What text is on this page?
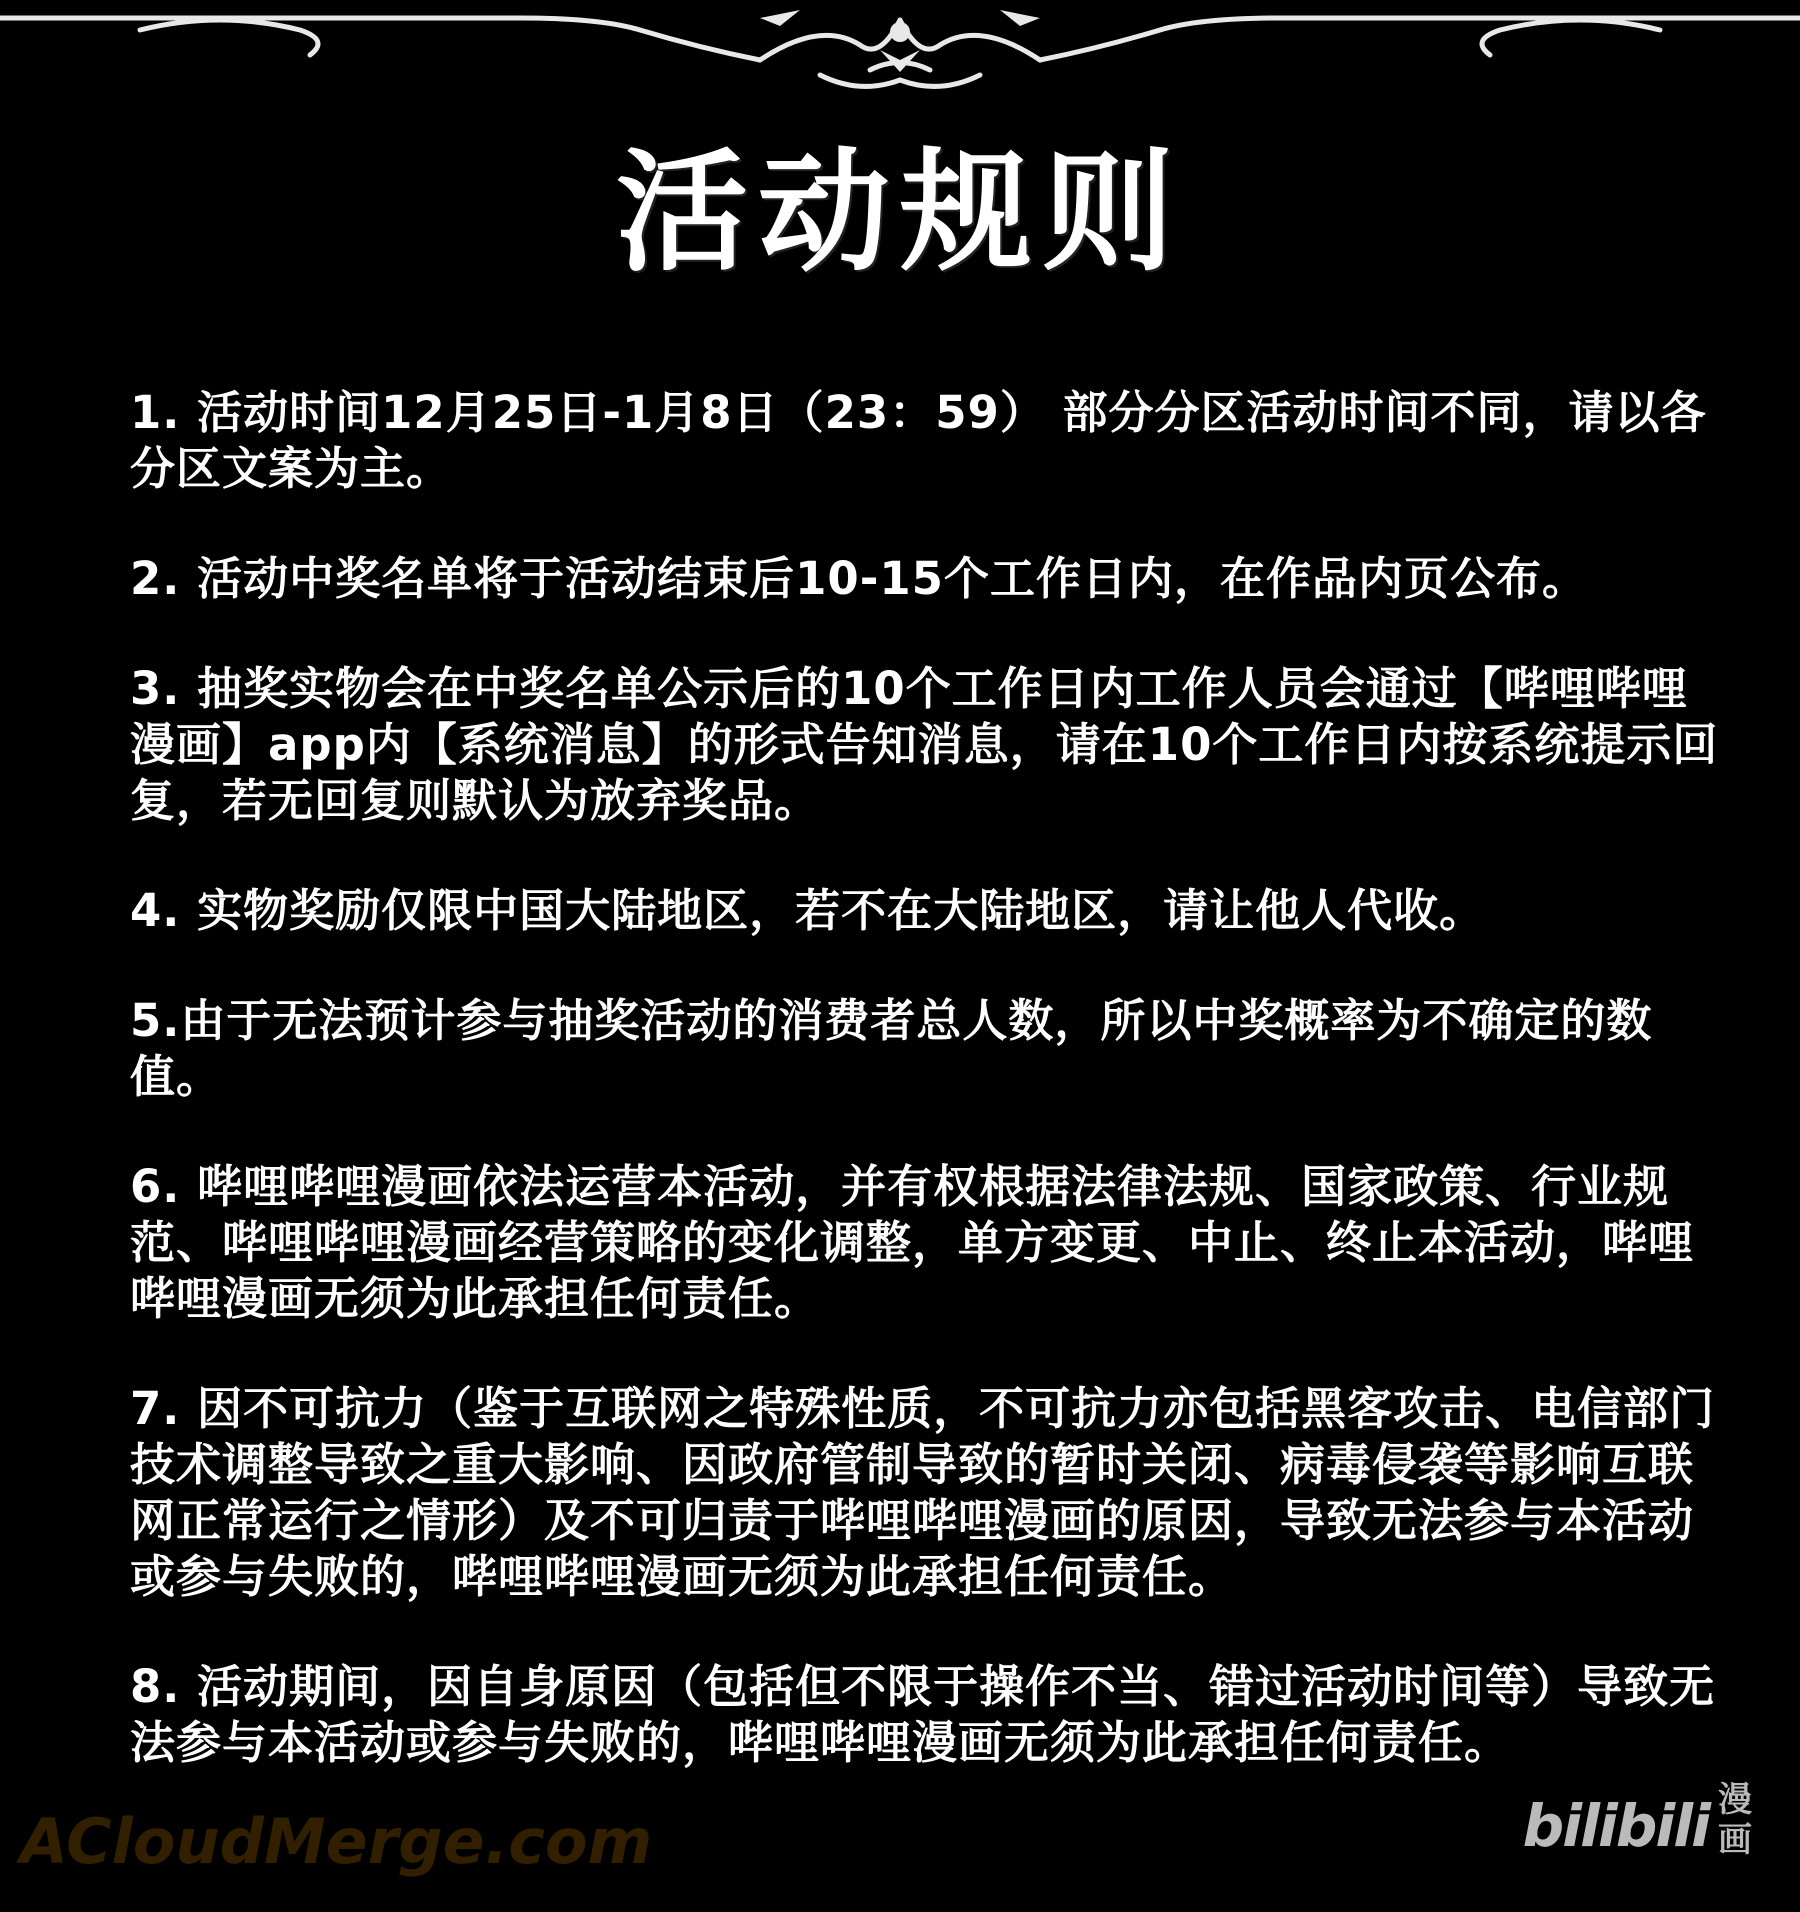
活动规则

1. 活动时间12月25日-1月8日（23：59） 部分分区活动时间不同，请以各分区文案为主。

2. 活动中奖名单将于活动结束后10-15个工作日内，在作品内页公布。

3. 抽奖实物会在中奖名单公示后的10个工作日内工作人员会通过【哔哩哔哩漫画】app内【系统消息】的形式告知消息，请在10个工作日内按系统提示回复，若无回复则默认为放弃奖品。

4. 实物奖励仅限中国大陆地区，若不在大陆地区，请让他人代收。

5.由于无法预计参与抽奖活动的消费者总人数，所以中奖概率为不确定的数值。

6. 哔哩哔哩漫画依法运营本活动，并有权根据法律法规、国家政策、行业规范、哔哩哔哩漫画经营策略的变化调整，单方变更、中止、终止本活动，哔哩哔哩漫画无须为此承担任何责任。

7. 因不可抗力（鉴于互联网之特殊性质，不可抗力亦包括黑客攻击、电信部门技术调整导致之重大影响、因政府管制导致的暂时关闭、病毒侵袭等影响互联网正常运行之情形）及不可归责于哔哩哔哩漫画的原因，导致无法参与本活动或参与失败的，哔哩哔哩漫画无须为此承担任何责任。

8. 活动期间，因自身原因（包括但不限于操作不当、错过活动时间等）导致无法参与本活动或参与失败的，哔哩哔哩漫画无须为此承担任何责任。

ACloudMerge.com	bilibili 漫画
